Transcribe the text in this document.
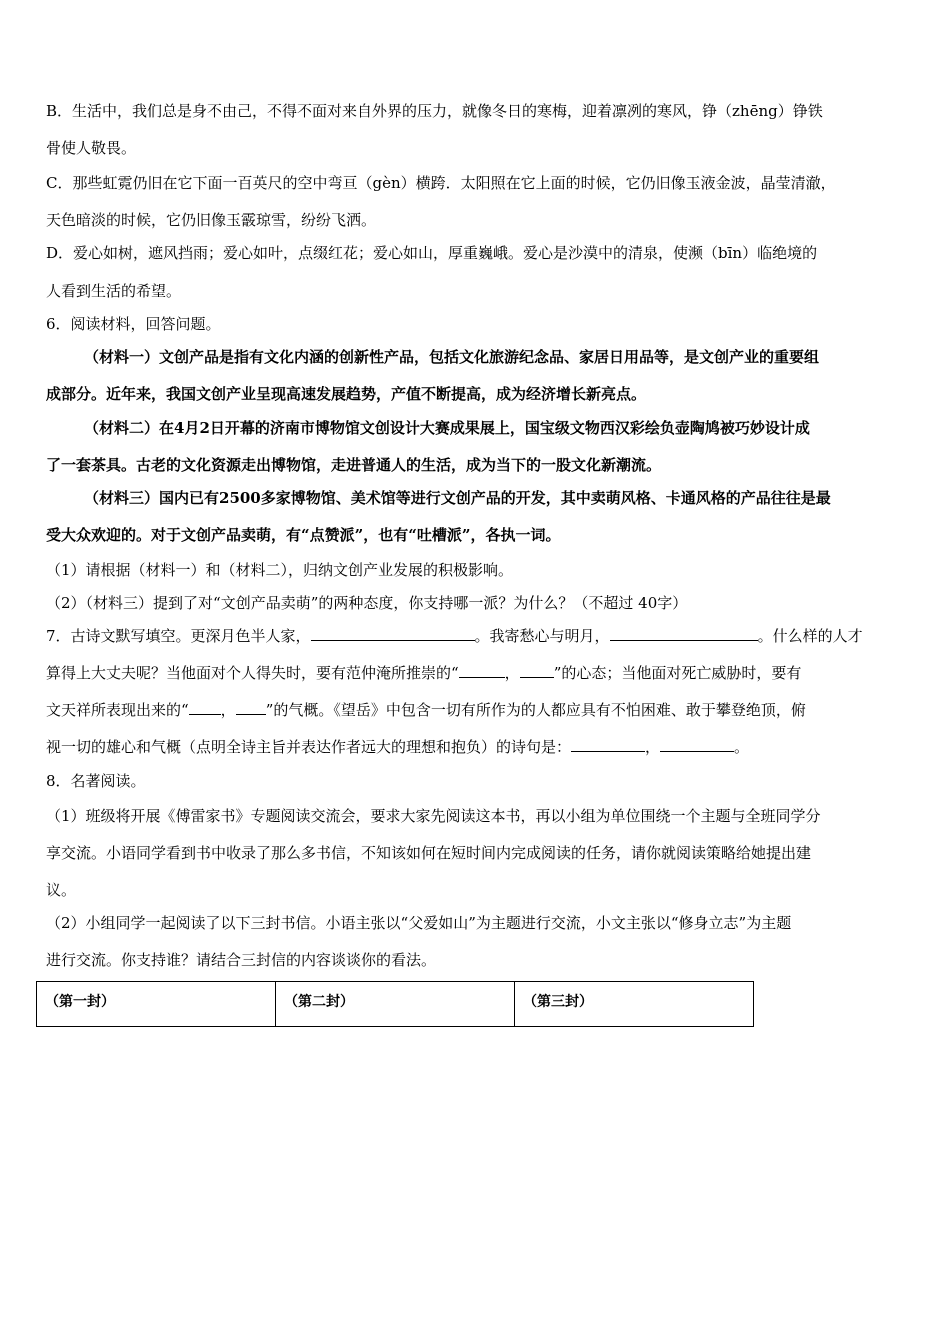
B．生活中，我们总是身不由己，不得不面对来自外界的压力，就像冬日的寒梅，迎着凛冽的寒风，铮（zhēng）铮铁
骨使人敬畏。
C．那些虹霓仍旧在它下面一百英尺的空中弯亘（gèn）横跨．太阳照在它上面的时候，它仍旧像玉液金波，晶莹清澈，
天色暗淡的时候，它仍旧像玉霰琼雪，纷纷飞洒。
D．爱心如树，遮风挡雨；爱心如叶，点缀红花；爱心如山，厚重巍峨。爱心是沙漠中的清泉，使濒（bīn）临绝境的
人看到生活的希望。
6．阅读材料，回答问题。
（材料一）文创产品是指有文化内涵的创新性产品，包括文化旅游纪念品、家居日用品等，是文创产业的重要组
成部分。近年来，我国文创产业呈现高速发展趋势，产值不断提高，成为经济增长新亮点。
（材料二）在4月2日开幕的济南市博物馆文创设计大赛成果展上，国宝级文物西汉彩绘负壶陶鸠被巧妙设计成
了一套茶具。古老的文化资源走出博物馆，走进普通人的生活，成为当下的一股文化新潮流。
（材料三）国内已有2500多家博物馆、美术馆等进行文创产品的开发，其中卖萌风格、卡通风格的产品往往是最
受大众欢迎的。对于文创产品卖萌，有“点赞派”，也有“吐槽派”，各执一词。
（1）请根据（材料一）和（材料二），归纳文创产业发展的积极影响。
（2）（材料三）提到了对“文创产品卖萌”的两种态度，你支持哪一派？为什么？（不超过 40字）
7．古诗文默写填空。更深月色半人家，	。我寄愁心与明月，	。什么样的人才
算得上大丈夫呢？当他面对个人得失时，要有范仲淹所推崇的“	， ”的心态；当他面对死亡威胁时，要有
文天祥所表现出来的“ ， ”的气概。《望岳》中包含一切有所作为的人都应具有不怕困难、敢于攀登绝顶，俯
视一切的雄心和气概（点明全诗主旨并表达作者远大的理想和抱负）的诗句是：	，	。
8．名著阅读。
（1）班级将开展《傅雷家书》专题阅读交流会，要求大家先阅读这本书，再以小组为单位围绕一个主题与全班同学分
享交流。小语同学看到书中收录了那么多书信，不知该如何在短时间内完成阅读的任务，请你就阅读策略给她提出建
议。
（2）小组同学一起阅读了以下三封书信。小语主张以“父爱如山”为主题进行交流，小文主张以“修身立志”为主题
进行交流。你支持谁？请结合三封信的内容谈谈你的看法。
（第一封）	（第二封）	（第三封）
